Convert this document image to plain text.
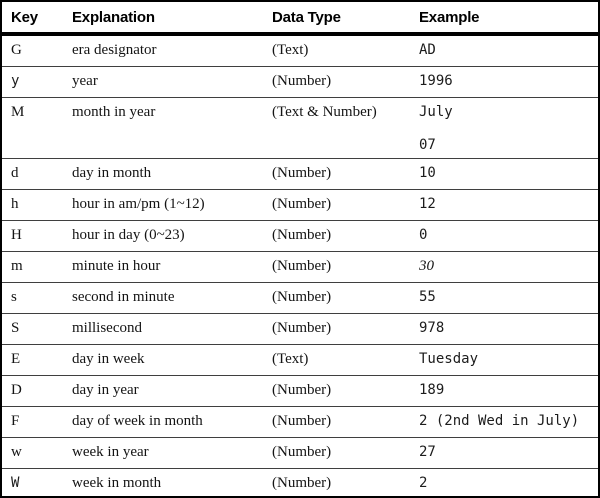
Key	Explanation	Data Type	Example
G	era designator	(Text)	AD
y	year	(Number)	1996
M	month in year	(Text & Number)	July
07
d	day in month	(Number)	10
h	hour in am/pm (1~12)	(Number)	12
H	hour in day (0~23)	(Number)	0
m	minute in hour	(Number)	30
s	second in minute	(Number)	55
S	millisecond	(Number)	978
E	day in week	(Text)	Tuesday
D	day in year	(Number)	189
F	day of week in month	(Number)	2 (2nd Wed in July)
w	week in year	(Number)	27
W	week in month	(Number)	2
